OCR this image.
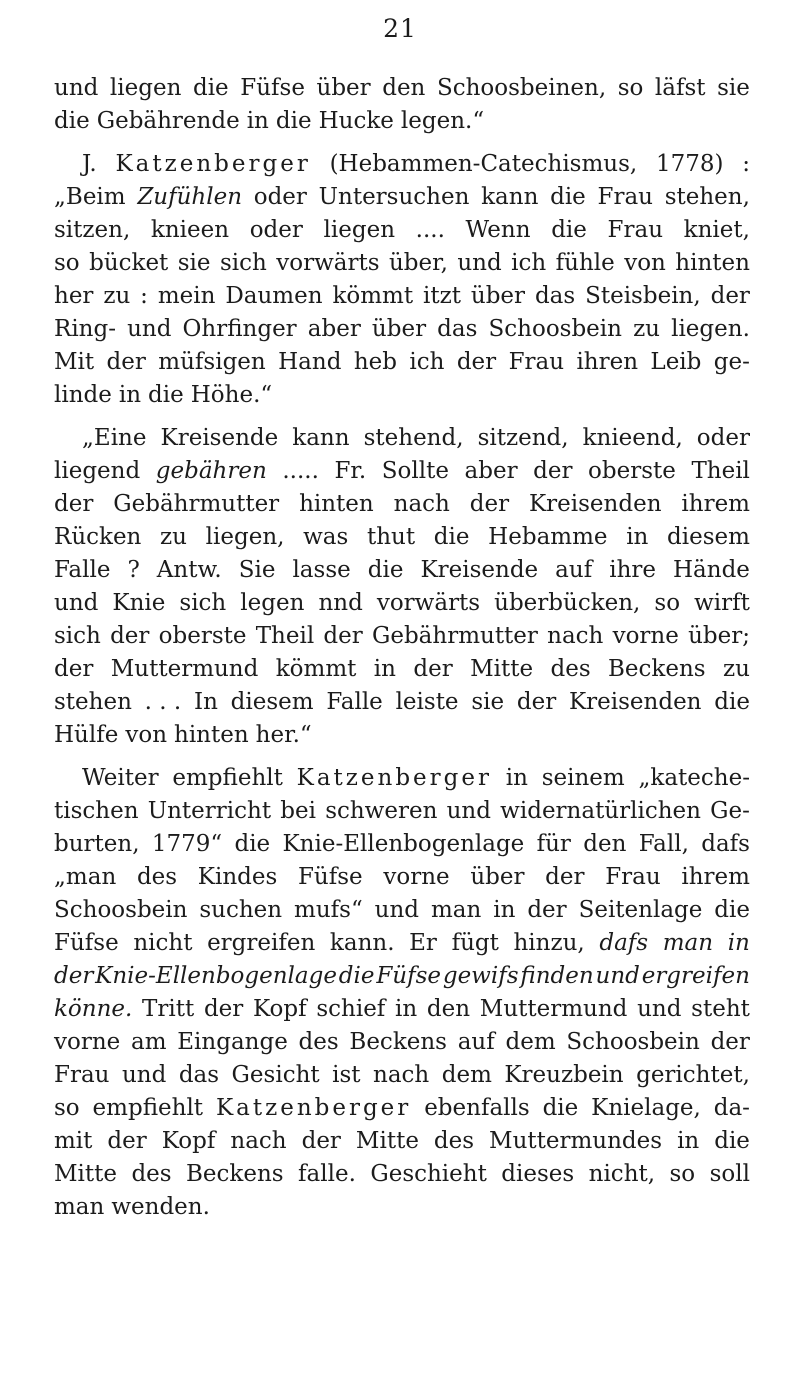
21
und liegen die Füfse über den Schoosbeinen, so läfst sie
die Gebährende in die Hucke legen.“
J. Katzenberger (Hebammen-Catechismus, 1778) :
„Beim Zufühlen oder Untersuchen kann die Frau stehen,
sitzen, knieen oder liegen .... Wenn die Frau kniet,
so bücket sie sich vorwärts über, und ich fühle von hinten
her zu : mein Daumen kömmt itzt über das Steisbein, der
Ring- und Ohrfinger aber über das Schoosbein zu liegen.
Mit der müfsigen Hand heb ich der Frau ihren Leib ge-
linde in die Höhe.“
„Eine Kreisende kann stehend, sitzend, knieend, oder
liegend gebähren ..... Fr. Sollte aber der oberste Theil
der Gebährmutter hinten nach der Kreisenden ihrem
Rücken zu liegen, was thut die Hebamme in diesem
Falle ? Antw. Sie lasse die Kreisende auf ihre Hände
und Knie sich legen nnd vorwärts überbücken, so wirft
sich der oberste Theil der Gebährmutter nach vorne über;
der Muttermund kömmt in der Mitte des Beckens zu
stehen . . . In diesem Falle leiste sie der Kreisenden die
Hülfe von hinten her.“
Weiter empfiehlt Katzenberger in seinem „kateche-
tischen Unterricht bei schweren und widernatürlichen Ge-
burten, 1779“ die Knie-Ellenbogenlage für den Fall, dafs
„man des Kindes Füfse vorne über der Frau ihrem
Schoosbein suchen mufs“ und man in der Seitenlage die
Füfse nicht ergreifen kann. Er fügt hinzu, dafs man in
der Knie-Ellenbogenlage die Füfse gewifs finden und ergreifen
könne. Tritt der Kopf schief in den Muttermund und steht
vorne am Eingange des Beckens auf dem Schoosbein der
Frau und das Gesicht ist nach dem Kreuzbein gerichtet,
so empfiehlt Katzenberger ebenfalls die Knielage, da-
mit der Kopf nach der Mitte des Muttermundes in die
Mitte des Beckens falle. Geschieht dieses nicht, so soll
man wenden.
